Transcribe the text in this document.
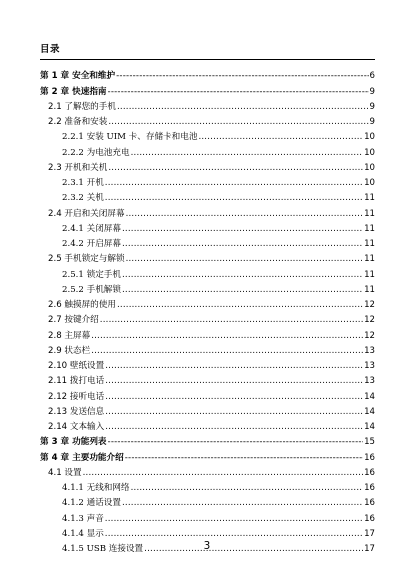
目录
第 1 章 安全和维护 -----	6
第 2 章 快速指南 -----	9
2.1 了解您的手机 .....	9
2.2 准备和安装 .....	9
2.2.1 安装 UIM 卡、存储卡和电池 .....	10
2.2.2 为电池充电 .....	10
2.3 开机和关机 .....	10
2.3.1 开机 .....	10
2.3.2 关机 .....	11
2.4 开启和关闭屏幕 .....	11
2.4.1 关闭屏幕 .....	11
2.4.2 开启屏幕 .....	11
2.5 手机锁定与解锁 .....	11
2.5.1 锁定手机 .....	11
2.5.2 手机解锁 .....	11
2.6 触摸屏的使用 .....	12
2.7 按键介绍 .....	12
2.8 主屏幕 .....	12
2.9 状态栏 .....	13
2.10 壁纸设置 .....	13
2.11 拨打电话 .....	13
2.12 接听电话 .....	14
2.13 发送信息 .....	14
2.14 文本输入 .....	14
第 3 章 功能列表 -----	15
第 4 章 主要功能介绍 -----	16
4.1 设置 .....	16
4.1.1 无线和网络 .....	16
4.1.2 通话设置 .....	16
4.1.3 声音 .....	16
4.1.4 显示 .....	17
4.1.5 USB 连接设置 .....	17
3
